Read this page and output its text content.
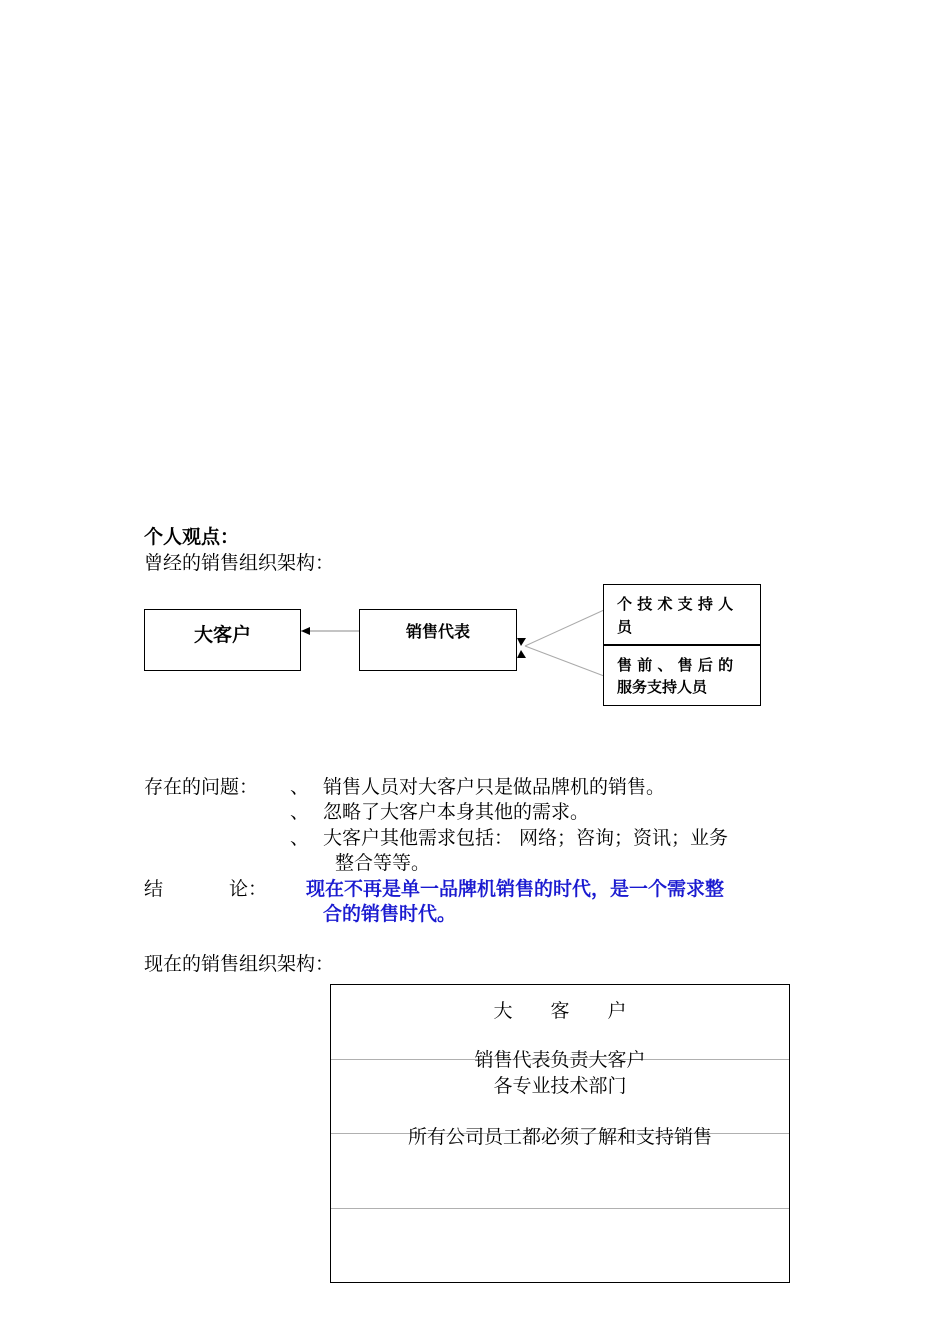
个人观点：
曾经的销售组织架构：
大客户	销售代表
个 技 术 支 持 人
员
售 前 、 售 后 的
服务支持人员
存在的问题： 、 销售人员对大客户只是做品牌机的销售。
、 忽略了大客户本身其他的需求。
、 大客户其他需求包括： 网络；咨询；资讯；业务
整合等等。
结	论： 现在不再是单一品牌机销售的时代，是一个需求整
合的销售时代。
现在的销售组织架构：
大　　客　　户
销售代表负责大客户
各专业技术部门
所有公司员工都必须了解和支持销售
